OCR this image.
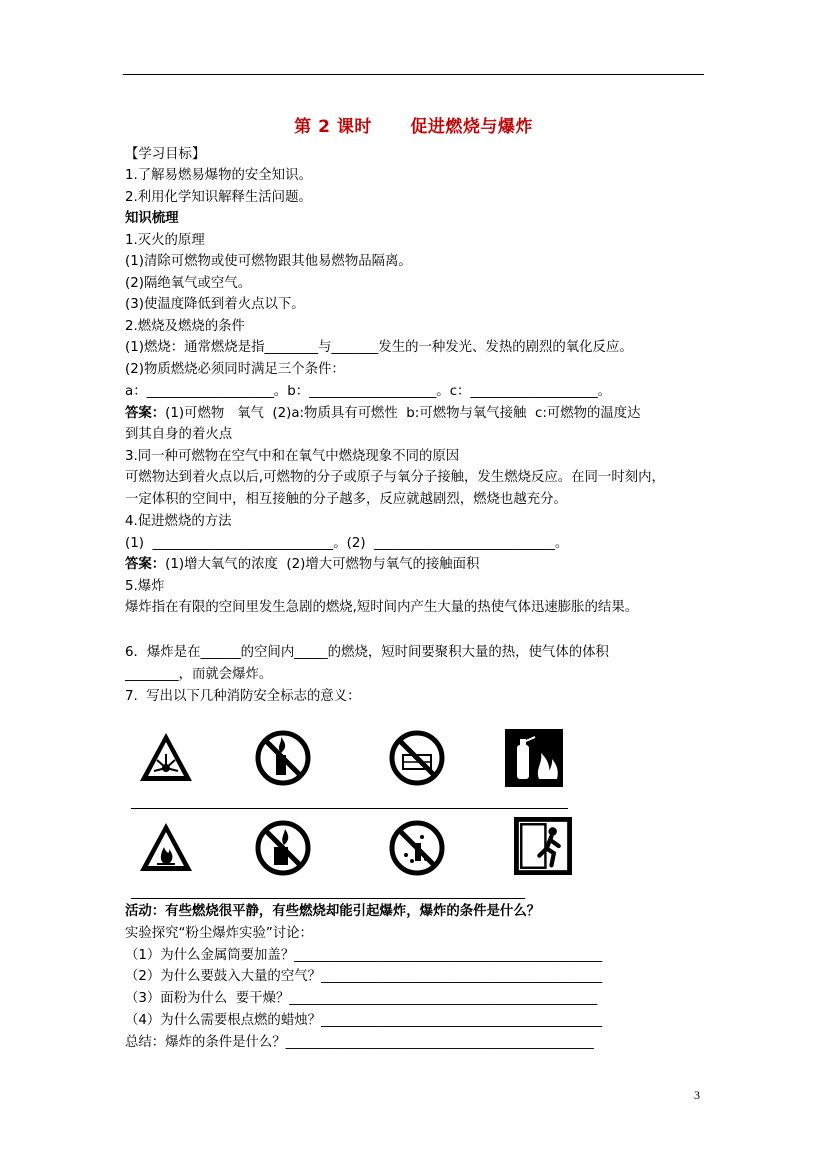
第 2 课时      促进燃烧与爆炸
【学习目标】
1.了解易燃易爆物的安全知识。
2.利用化学知识解释生活问题。
知识梳理
1.灭火的原理
(1)清除可燃物或使可燃物跟其他易燃物品隔离。
(2)隔绝氧气或空气。
(3)使温度降低到着火点以下。
2.燃烧及燃烧的条件
(1)燃烧：通常燃烧是指________与_______发生的一种发光、发热的剧烈的氧化反应。
(2)物质燃烧必须同时满足三个条件：
a：___________________。b：___________________。c：___________________。
答案：(1)可燃物   氧气  (2)a:物质具有可燃性  b:可燃物与氧气接触  c:可燃物的温度达
到其自身的着火点
3.同一种可燃物在空气中和在氧气中燃烧现象不同的原因
可燃物达到着火点以后,可燃物的分子或原子与氧分子接触，发生燃烧反应。在同一时刻内，
一定体积的空间中，相互接触的分子越多，反应就越剧烈，燃烧也越充分。
4.促进燃烧的方法
(1)  ___________________________。(2)  ___________________________。
答案：(1)增大氧气的浓度  (2)增大可燃物与氧气的接触面积
5.爆炸
爆炸指在有限的空间里发生急剧的燃烧,短时间内产生大量的热使气体迅速膨胀的结果。
6．爆炸是在______的空间内_____的燃烧，短时间要聚积大量的热，使气体的体积
________，而就会爆炸。
7.  写出以下几种消防安全标志的意义：
活动：有些燃烧很平静，有些燃烧却能引起爆炸，爆炸的条件是什么？
实验探究“粉尘爆炸实验”讨论：
（1）为什么金属筒要加盖？______________________________________________
（2）为什么要鼓入大量的空气？__________________________________________
（3）面粉为什么  要干燥？______________________________________________
（4）为什么需要根点燃的蜡烛？__________________________________________
总结：爆炸的条件是什么？______________________________________________
3
